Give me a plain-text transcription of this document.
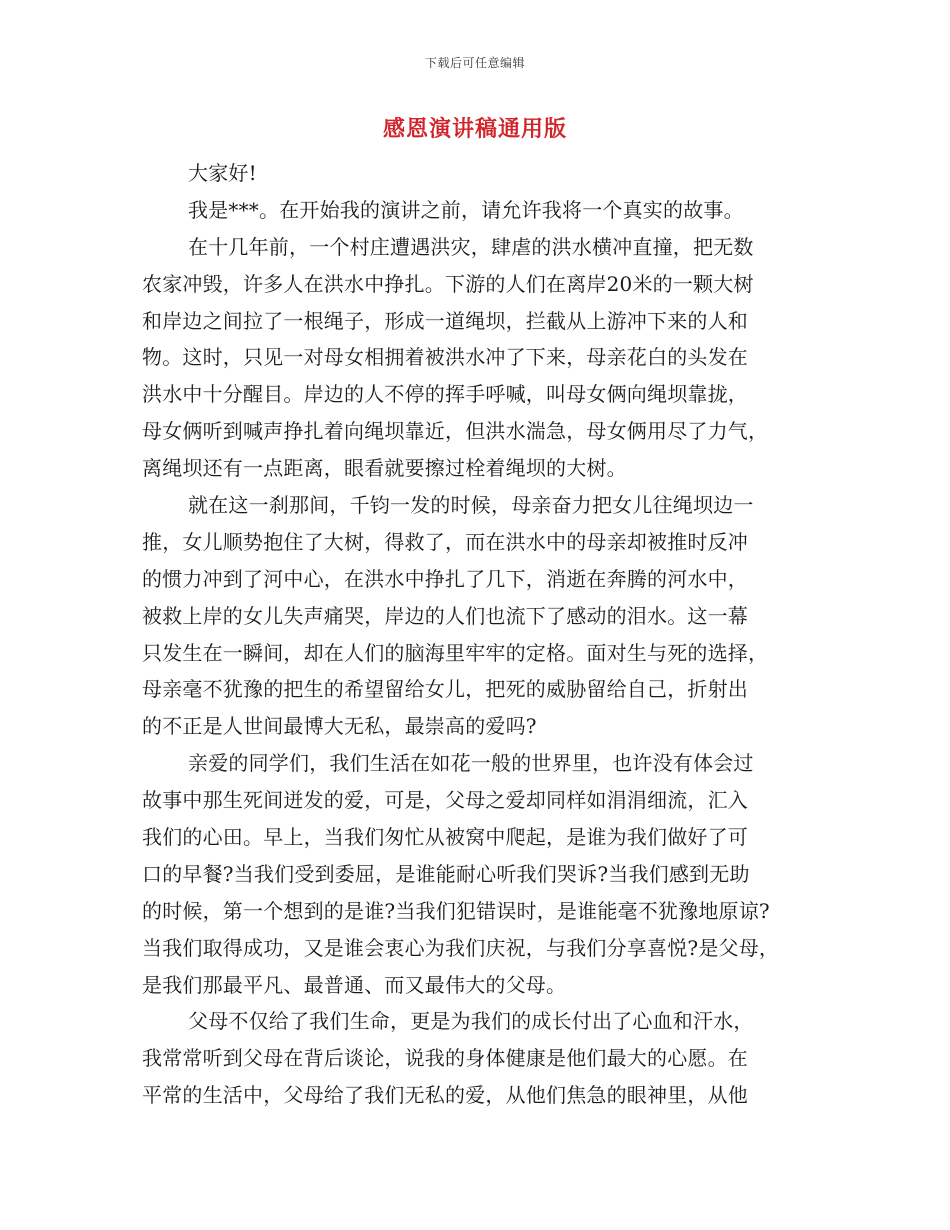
下载后可任意编辑
感恩演讲稿通用版
大家好!
我是***。在开始我的演讲之前，请允许我将一个真实的故事。
在十几年前，一个村庄遭遇洪灾，肆虐的洪水横冲直撞，把无数
农家冲毁，许多人在洪水中挣扎。下游的人们在离岸20米的一颗大树
和岸边之间拉了一根绳子，形成一道绳坝，拦截从上游冲下来的人和
物。这时，只见一对母女相拥着被洪水冲了下来，母亲花白的头发在
洪水中十分醒目。岸边的人不停的挥手呼喊，叫母女俩向绳坝靠拢，
母女俩听到喊声挣扎着向绳坝靠近，但洪水湍急，母女俩用尽了力气，
离绳坝还有一点距离，眼看就要擦过栓着绳坝的大树。
就在这一刹那间，千钧一发的时候，母亲奋力把女儿往绳坝边一
推，女儿顺势抱住了大树，得救了，而在洪水中的母亲却被推时反冲
的惯力冲到了河中心，在洪水中挣扎了几下，消逝在奔腾的河水中，
被救上岸的女儿失声痛哭，岸边的人们也流下了感动的泪水。这一幕
只发生在一瞬间，却在人们的脑海里牢牢的定格。面对生与死的选择，
母亲毫不犹豫的把生的希望留给女儿，把死的威胁留给自己，折射出
的不正是人世间最博大无私，最崇高的爱吗?
亲爱的同学们，我们生活在如花一般的世界里，也许没有体会过
故事中那生死间迸发的爱，可是，父母之爱却同样如涓涓细流，汇入
我们的心田。早上，当我们匆忙从被窝中爬起，是谁为我们做好了可
口的早餐?当我们受到委屈，是谁能耐心听我们哭诉?当我们感到无助
的时候，第一个想到的是谁?当我们犯错误时，是谁能毫不犹豫地原谅?
当我们取得成功，又是谁会衷心为我们庆祝，与我们分享喜悦?是父母，
是我们那最平凡、最普通、而又最伟大的父母。
父母不仅给了我们生命，更是为我们的成长付出了心血和汗水，
我常常听到父母在背后谈论，说我的身体健康是他们最大的心愿。在
平常的生活中，父母给了我们无私的爱，从他们焦急的眼神里，从他
